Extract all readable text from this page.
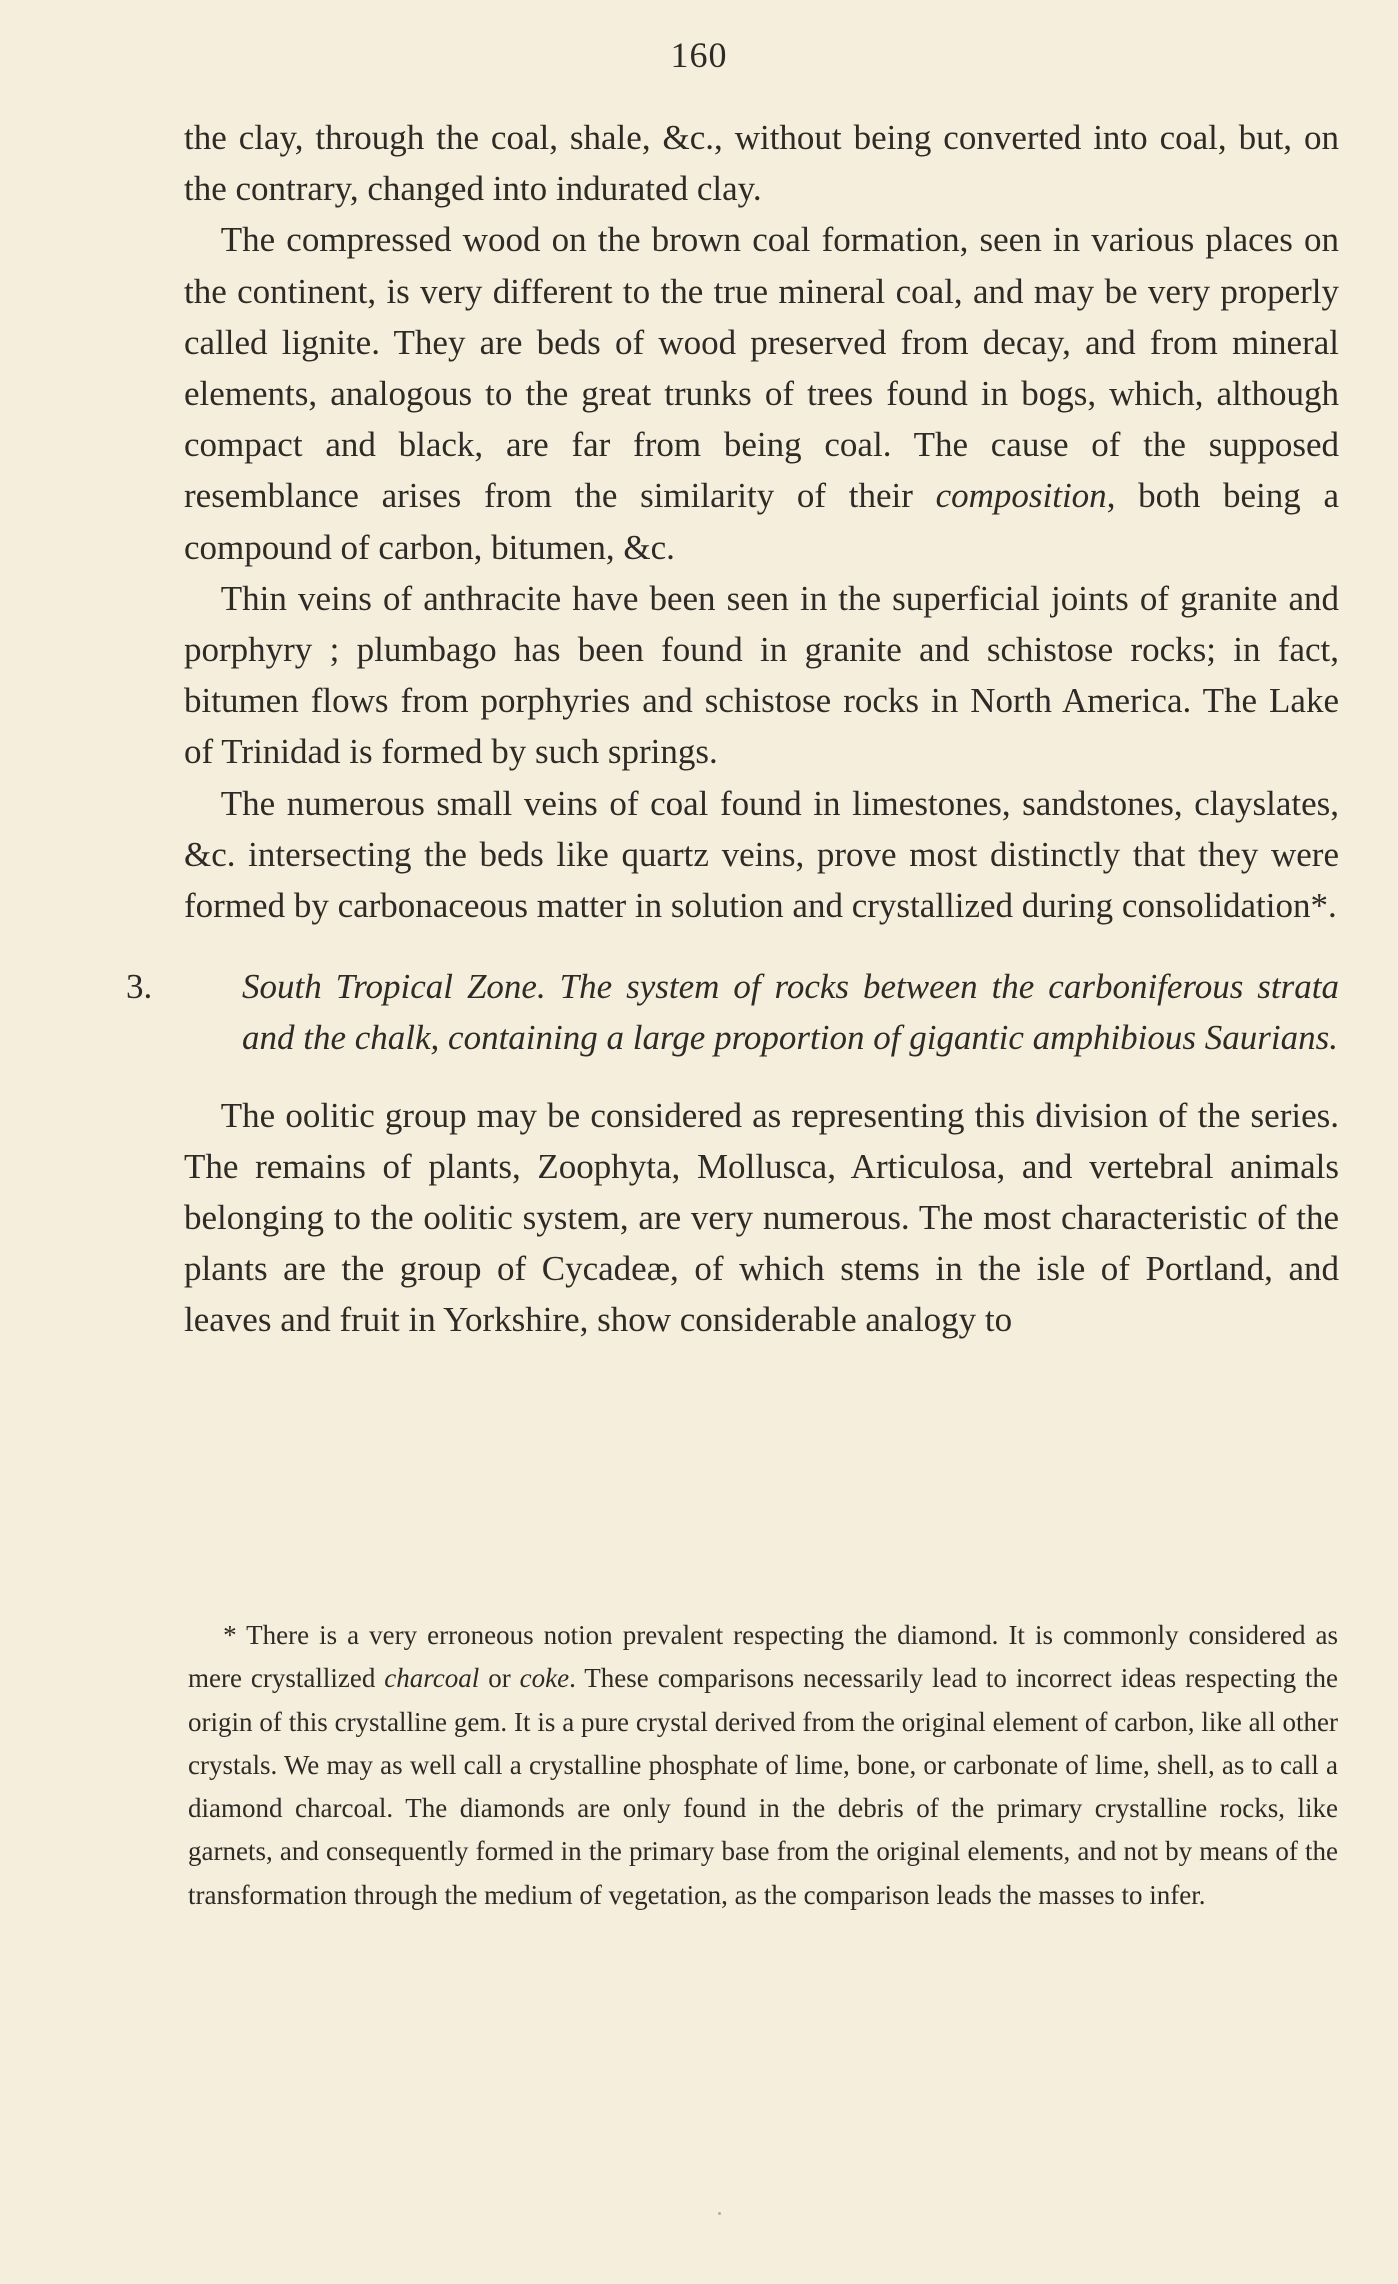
160

the clay, through the coal, shale, &c., without being converted into coal, but, on the contrary, changed into indurated clay.

The compressed wood on the brown coal formation, seen in various places on the continent, is very different to the true mineral coal, and may be very properly called lignite. They are beds of wood preserved from decay, and from mineral elements, analogous to the great trunks of trees found in bogs, which, although compact and black, are far from being coal. The cause of the supposed resemblance arises from the similarity of their composition, both being a compound of carbon, bitumen, &c.

Thin veins of anthracite have been seen in the superficial joints of granite and porphyry ; plumbago has been found in granite and schistose rocks; in fact, bitumen flows from porphyries and schistose rocks in North America. The Lake of Trinidad is formed by such springs.

The numerous small veins of coal found in limestones, sandstones, clayslates, &c. intersecting the beds like quartz veins, prove most distinctly that they were formed by carbonaceous matter in solution and crystallized during consolidation*.

3.	South Tropical Zone. The system of rocks between the carboniferous strata and the chalk, containing a large proportion of gigantic amphibious Saurians.

The oolitic group may be considered as representing this division of the series. The remains of plants, Zoophyta, Mollusca, Articulosa, and vertebral animals belonging to the oolitic system, are very numerous. The most characteristic of the plants are the group of Cycadeæ, of which stems in the isle of Portland, and leaves and fruit in Yorkshire, show considerable analogy to

* There is a very erroneous notion prevalent respecting the diamond. It is commonly considered as mere crystallized charcoal or coke. These comparisons necessarily lead to incorrect ideas respecting the origin of this crystalline gem. It is a pure crystal derived from the original element of carbon, like all other crystals. We may as well call a crystalline phosphate of lime, bone, or carbonate of lime, shell, as to call a diamond charcoal. The diamonds are only found in the debris of the primary crystalline rocks, like garnets, and consequently formed in the primary base from the original elements, and not by means of the transformation through the medium of vegetation, as the comparison leads the masses to infer.
